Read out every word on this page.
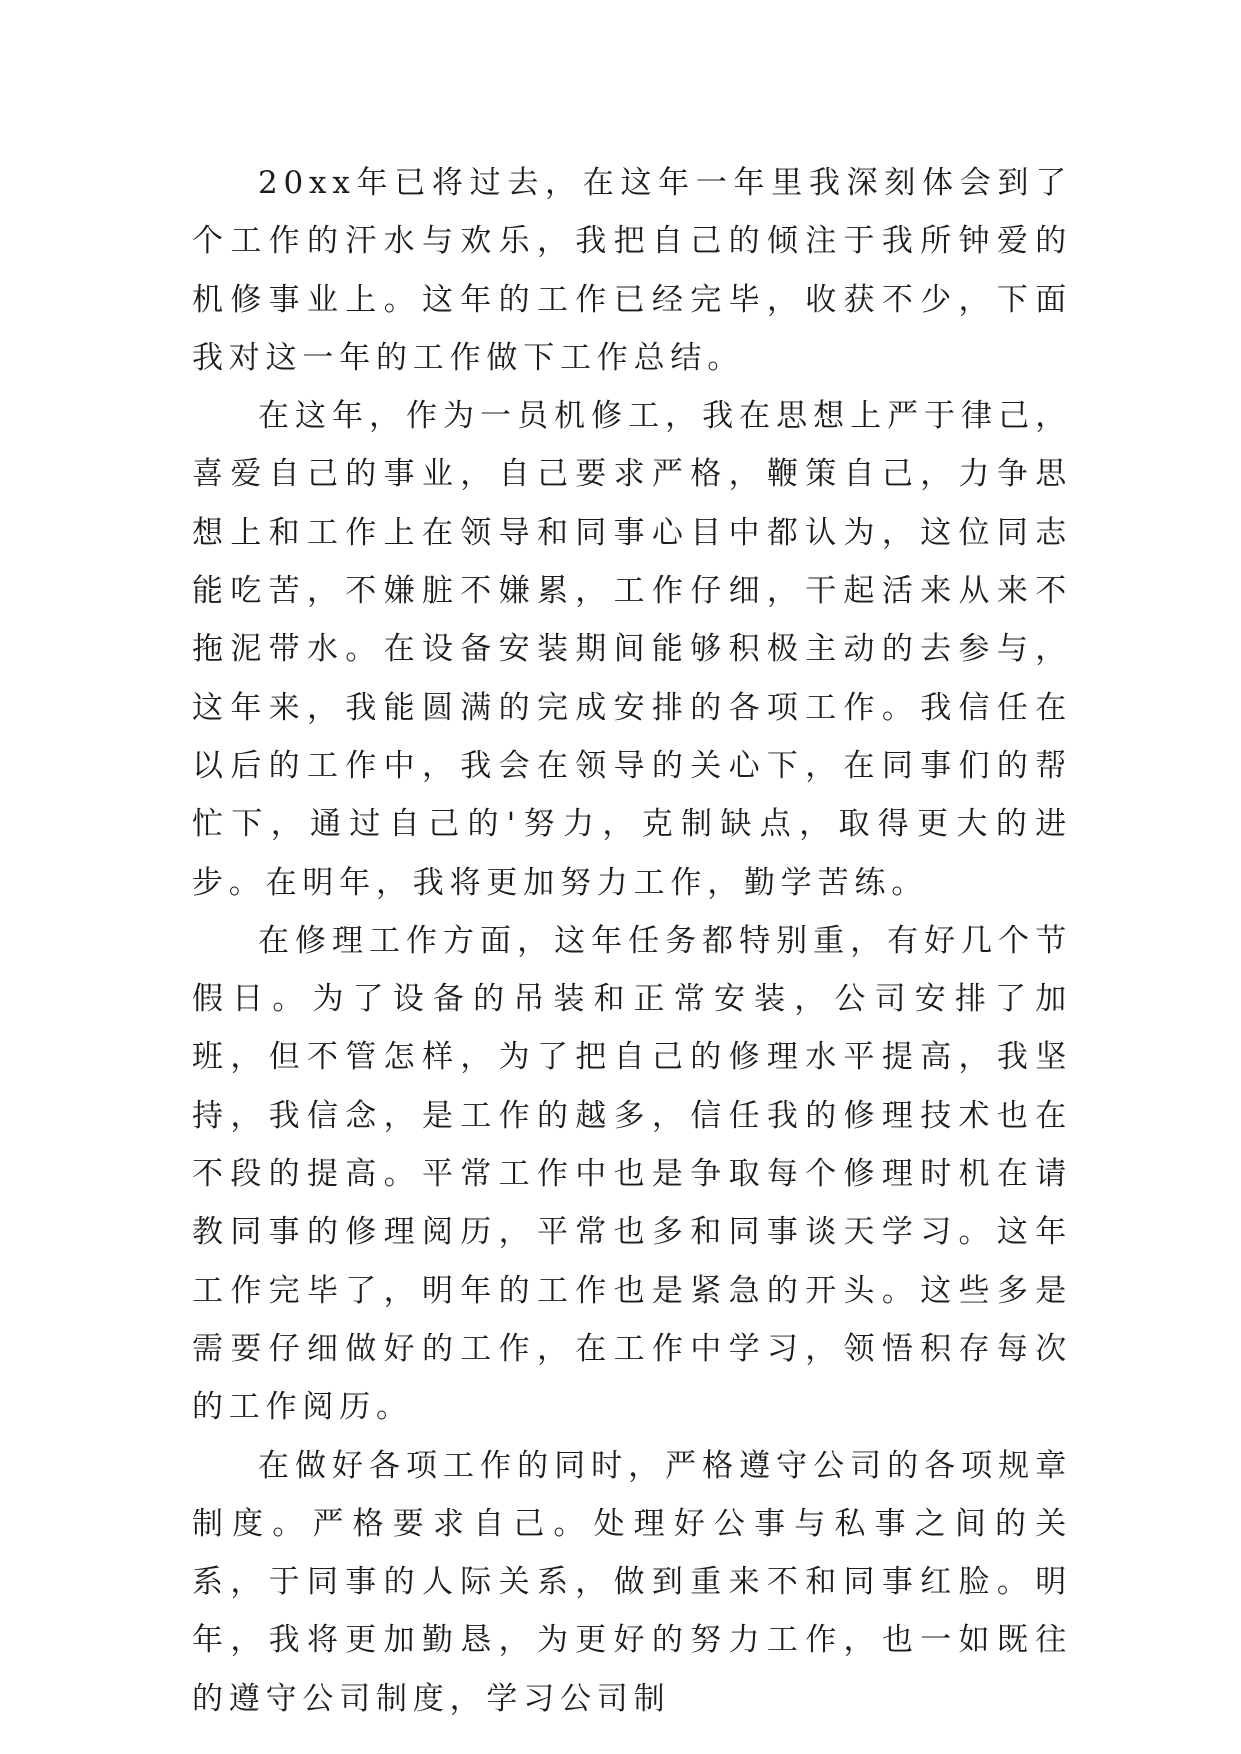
20xx年已将过去，在这年一年里我深刻体会到了个工作的汗水与欢乐，我把自己的倾注于我所钟爱的机修事业上。这年的工作已经完毕，收获不少，下面我对这一年的工作做下工作总结。

在这年，作为一员机修工，我在思想上严于律己，喜爱自己的事业，自己要求严格，鞭策自己，力争思想上和工作上在领导和同事心目中都认为，这位同志能吃苦，不嫌脏不嫌累，工作仔细，干起活来从来不拖泥带水。在设备安装期间能够积极主动的去参与，这年来，我能圆满的完成安排的各项工作。我信任在以后的工作中，我会在领导的关心下，在同事们的帮忙下，通过自己的'努力，克制缺点，取得更大的进步。在明年，我将更加努力工作，勤学苦练。

在修理工作方面，这年任务都特别重，有好几个节假日。为了设备的吊装和正常安装，公司安排了加班，但不管怎样，为了把自己的修理水平提高，我坚持，我信念，是工作的越多，信任我的修理技术也在不段的提高。平常工作中也是争取每个修理时机在请教同事的修理阅历，平常也多和同事谈天学习。这年工作完毕了，明年的工作也是紧急的开头。这些多是需要仔细做好的工作，在工作中学习，领悟积存每次的工作阅历。

在做好各项工作的同时，严格遵守公司的各项规章制度。严格要求自己。处理好公事与私事之间的关系，于同事的人际关系，做到重来不和同事红脸。明年，我将更加勤恳，为更好的努力工作，也一如既往的遵守公司制度，学习公司制
